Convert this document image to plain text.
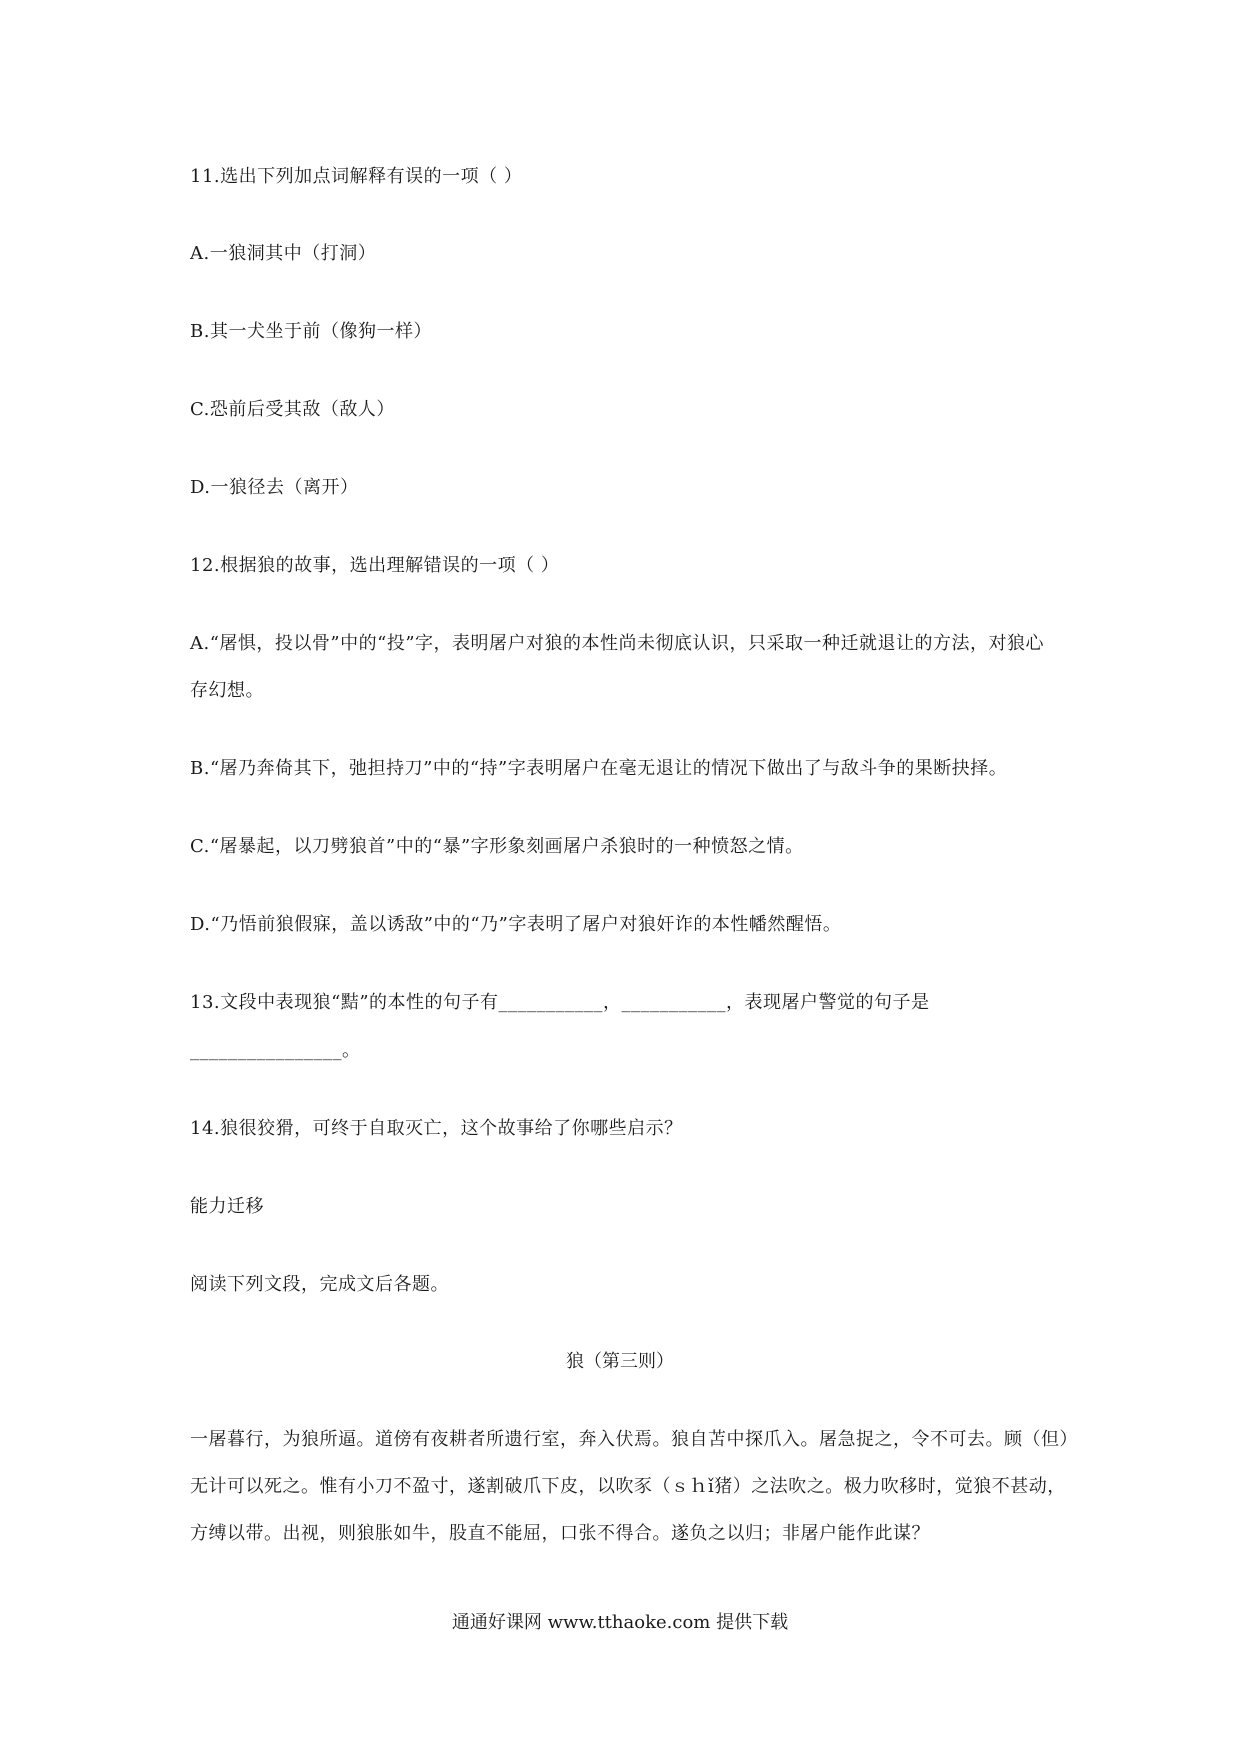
11.选出下列加点词解释有误的一项（ ）
A.一狼洞其中（打洞）
B.其一犬坐于前（像狗一样）
C.恐前后受其敌（敌人）
D.一狼径去（离开）
12.根据狼的故事，选出理解错误的一项（ ）
A.“屠惧，投以骨”中的“投”字，表明屠户对狼的本性尚未彻底认识，只采取一种迁就退让的方法，对狼心
存幻想。
B.“屠乃奔倚其下，弛担持刀”中的“持”字表明屠户在毫无退让的情况下做出了与敌斗争的果断抉择。
C.“屠暴起，以刀劈狼首”中的“暴”字形象刻画屠户杀狼时的一种愤怒之情。
D.“乃悟前狼假寐，盖以诱敌”中的“乃”字表明了屠户对狼奸诈的本性幡然醒悟。
13.文段中表现狼“黠”的本性的句子有___________，___________，表现屠户警觉的句子是
________________。
14.狼很狡猾，可终于自取灭亡，这个故事给了你哪些启示？
能力迁移
阅读下列文段，完成文后各题。
狼（第三则）
一屠暮行，为狼所逼。道傍有夜耕者所遗行室，奔入伏焉。狼自苫中探爪入。屠急捉之，令不可去。顾（但）
无计可以死之。惟有小刀不盈寸，遂割破爪下皮，以吹豕（ｓｈǐ猪）之法吹之。极力吹移时，觉狼不甚动，
方缚以带。出视，则狼胀如牛，股直不能屈，口张不得合。遂负之以归；非屠户能作此谋？
通通好课网 www.tthaoke.com 提供下载
